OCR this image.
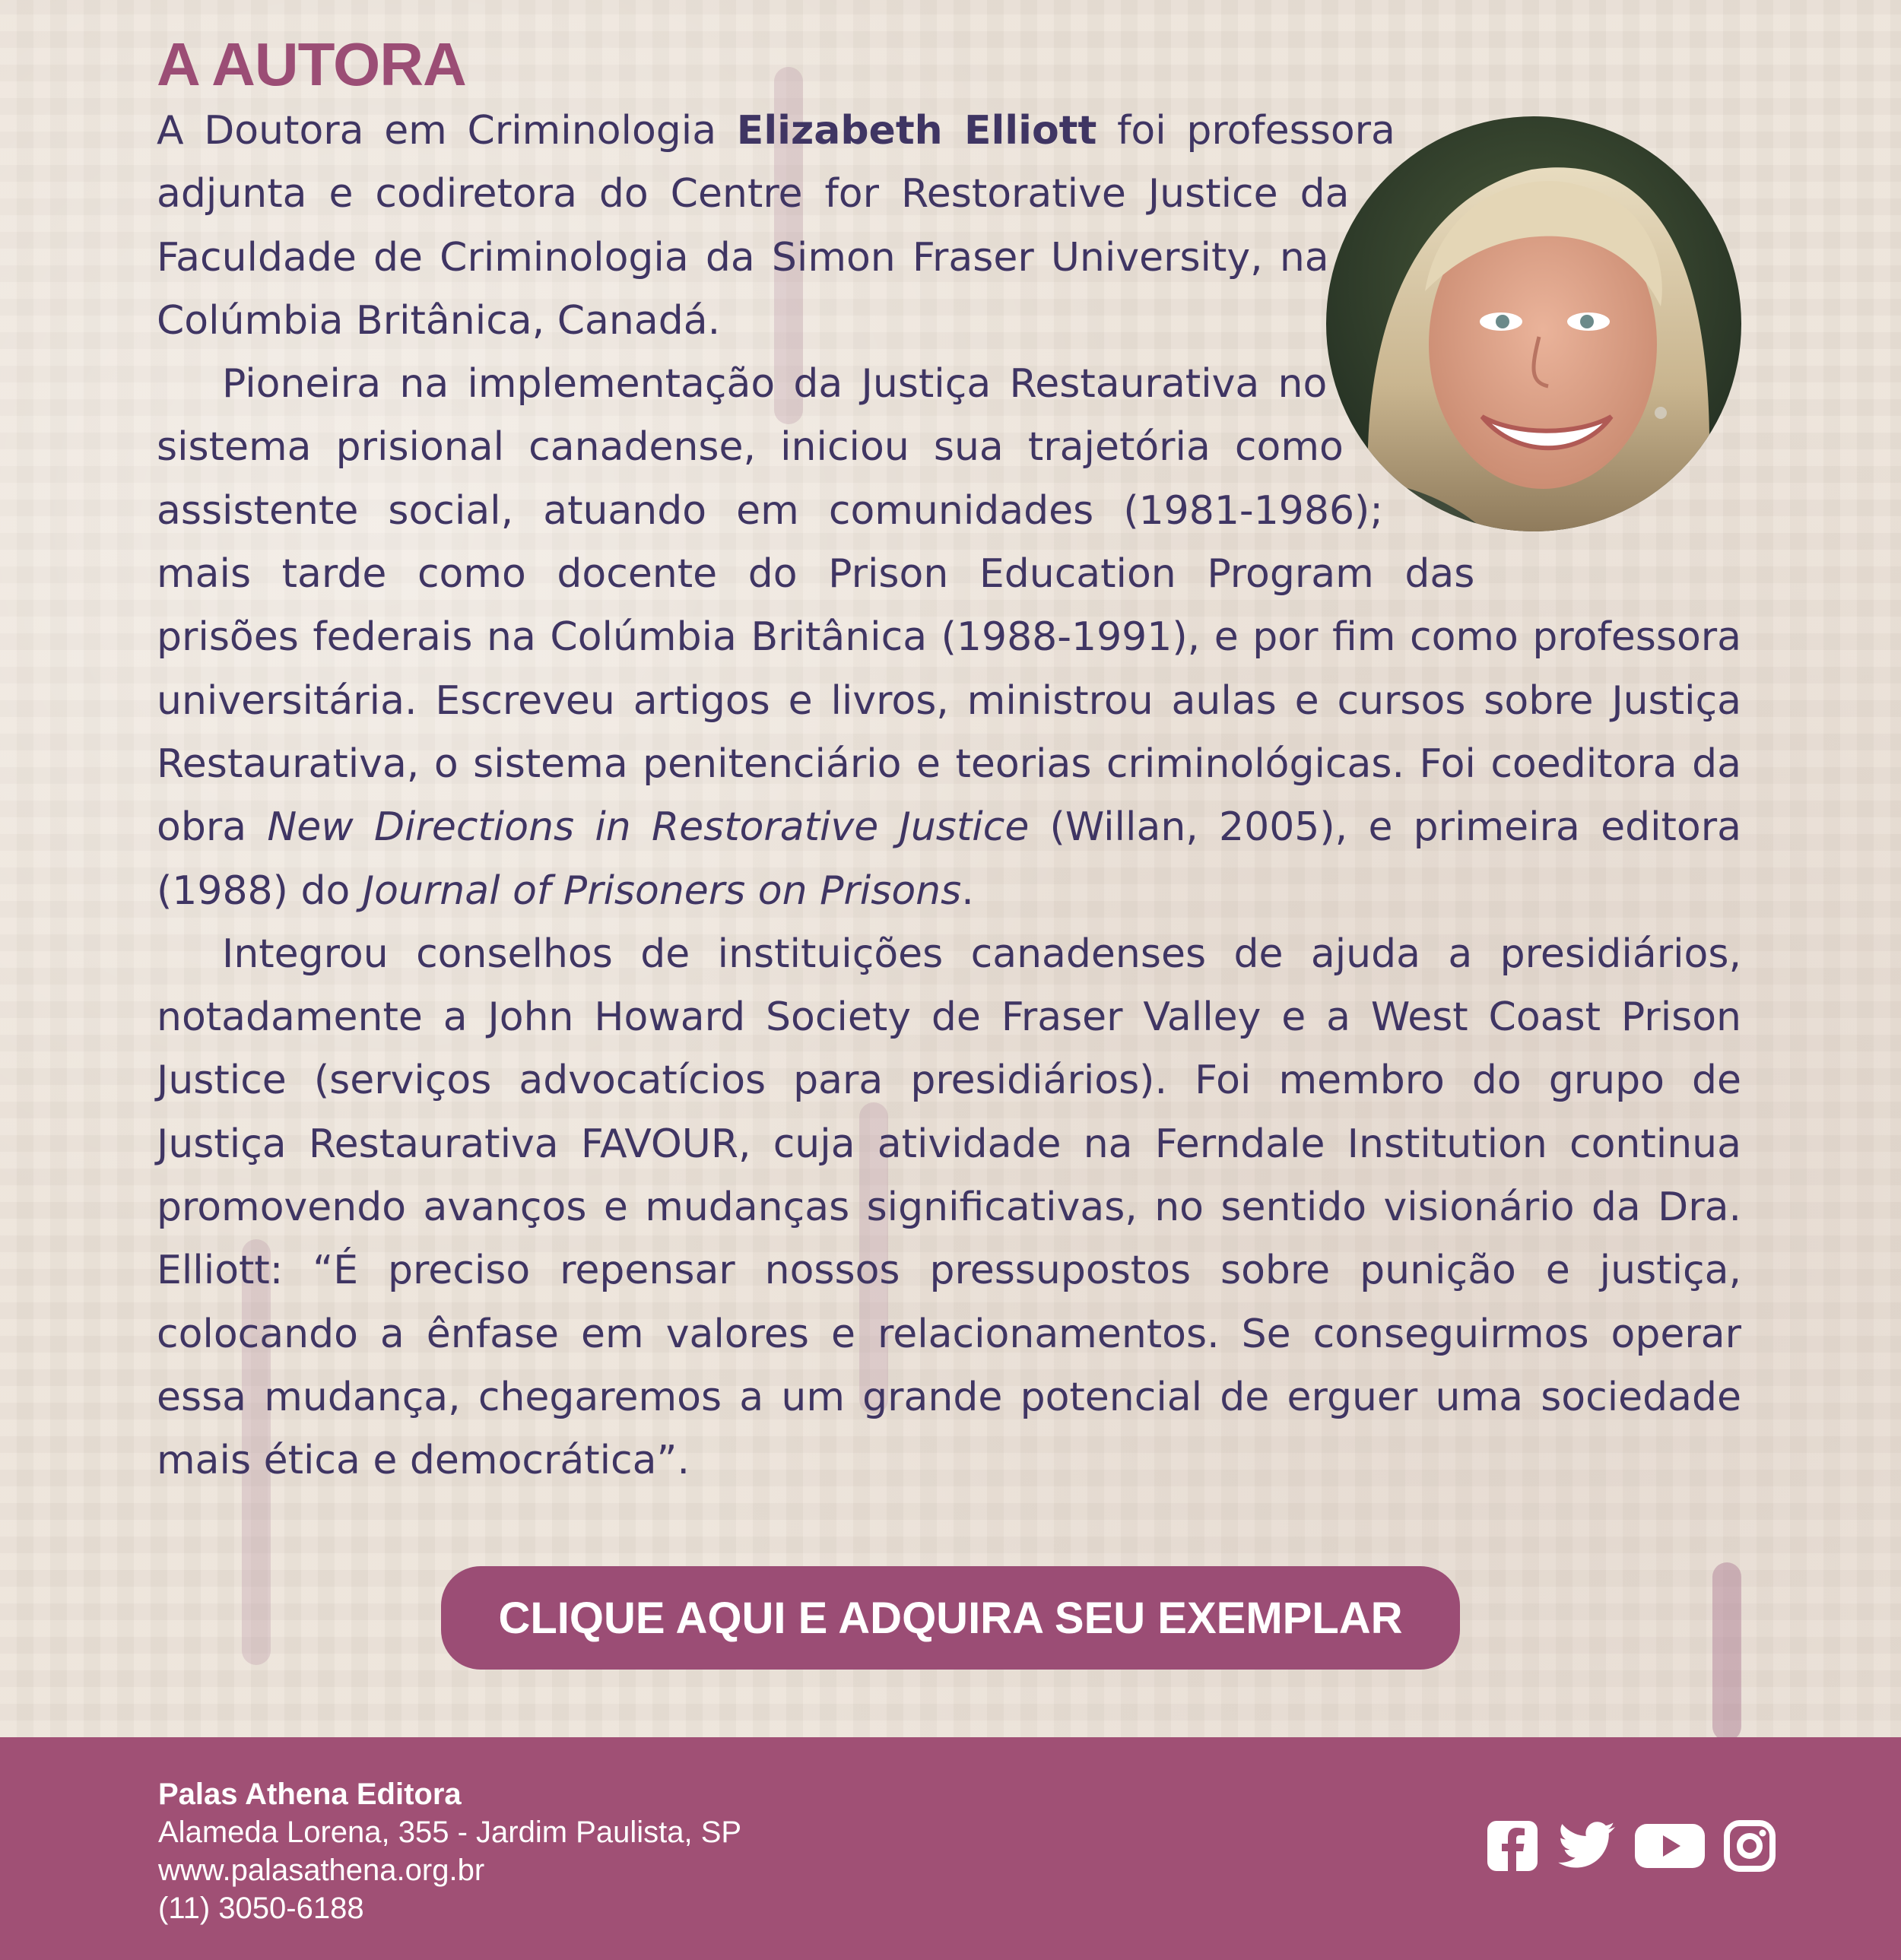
A AUTORA

A Doutora em Criminologia Elizabeth Elliott foi professora adjunta e codiretora do Centre for Restorative Justice da Faculdade de Criminologia da Simon Fraser University, na Colúmbia Britânica, Canadá.

Pioneira na implementação da Justiça Restaurativa no sistema prisional canadense, iniciou sua trajetória como assistente social, atuando em comunidades (1981-1986); mais tarde como docente do Prison Education Program das prisões federais na Colúmbia Britânica (1988-1991), e por fim como professora universitária. Escreveu artigos e livros, ministrou aulas e cursos sobre Justiça Restaurativa, o sistema penitenciário e teorias criminológicas. Foi coeditora da obra New Directions in Restorative Justice (Willan, 2005), e primeira editora (1988) do Journal of Prisoners on Prisons.

Integrou conselhos de instituições canadenses de ajuda a presidiários, notadamente a John Howard Society de Fraser Valley e a West Coast Prison Justice (serviços advocatícios para presidiários). Foi membro do grupo de Justiça Restaurativa FAVOUR, cuja atividade na Ferndale Institution continua promovendo avanços e mudanças significativas, no sentido visionário da Dra. Elliott: “É preciso repensar nossos pressupostos sobre punição e justiça, colocando a ênfase em valores e relacionamentos. Se conseguirmos operar essa mudança, chegaremos a um grande potencial de erguer uma sociedade mais ética e democrática”.

CLIQUE AQUI E ADQUIRA SEU EXEMPLAR
Palas Athena Editora
Alameda Lorena, 355 - Jardim Paulista, SP
www.palasathena.org.br
(11) 3050-6188
